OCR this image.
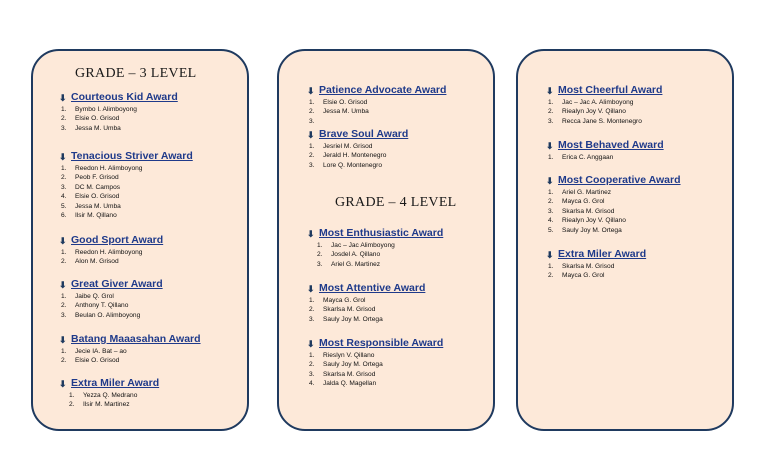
GRADE – 3 LEVEL
⬇ Courteous Kid Award
1.	Bymbo I. Alimboyong
2.	Elsie O. Grisod
3.	Jessa M. Umba
⬇ Tenacious Striver Award
1.	Reedon H. Alimboyong
2.	Peob F. Grisod
3.	DC M. Campos
4.	Elsie O. Grisod
5.	Jessa M. Umba
6.	Ilsir M. Qillano
⬇ Good Sport Award
1.	Reedon H. Alimboyong
2.	Alon M. Grisod
⬇ Great Giver Award
1.	Jaibe Q. Grol
2.	Anthony T. Qillano
3.	Beulan O. Alimboyong
⬇ Batang Maaasahan Award
1.	Jecie IA. Bat – ao
2.	Elsie O. Grisod
⬇ Extra Miler Award
1.	Yezza Q. Medrano
2.	Ilsir M. Martinez
⬇ Patience Advocate Award
1.	Elsie O. Grisod
2.	Jessa M. Umba
3.
⬇ Brave Soul Award
1.	Jesriel M. Grisod
2.	Jerald H. Montenegro
3.	Lore Q. Montenegro
GRADE – 4 LEVEL
⬇ Most Enthusiastic Award
1.	Jac – Jac Alimboyong
2.	Josdel A. Qillano
3.	Ariel G. Martinez
⬇ Most Attentive Award
1.	Mayca G. Grol
2.	Skarlsa M. Grisod
3.	Sauly Joy M. Ortega
⬇ Most Responsible Award
1.	Rieslyn V. Qillano
2.	Sauly Joy M. Ortega
3.	Skarlsa M. Grisod
4.	Jalda Q. Magellan
⬇ Most Cheerful Award
1.	Jac – Jac A. Alimboyong
2.	Riealyn Joy V. Qillano
3.	Recca Jane S. Montenegro
⬇ Most Behaved Award
1.	Erica C. Anggaan
⬇ Most Cooperative Award
1.	Ariel G. Martinez
2.	Mayca G. Grol
3.	Skarlsa M. Grisod
4.	Riealyn Joy V. Qillano
5.	Sauly Joy M. Ortega
⬇ Extra Miler Award
1.	Skarlsa M. Grisod
2.	Mayca G. Grol
